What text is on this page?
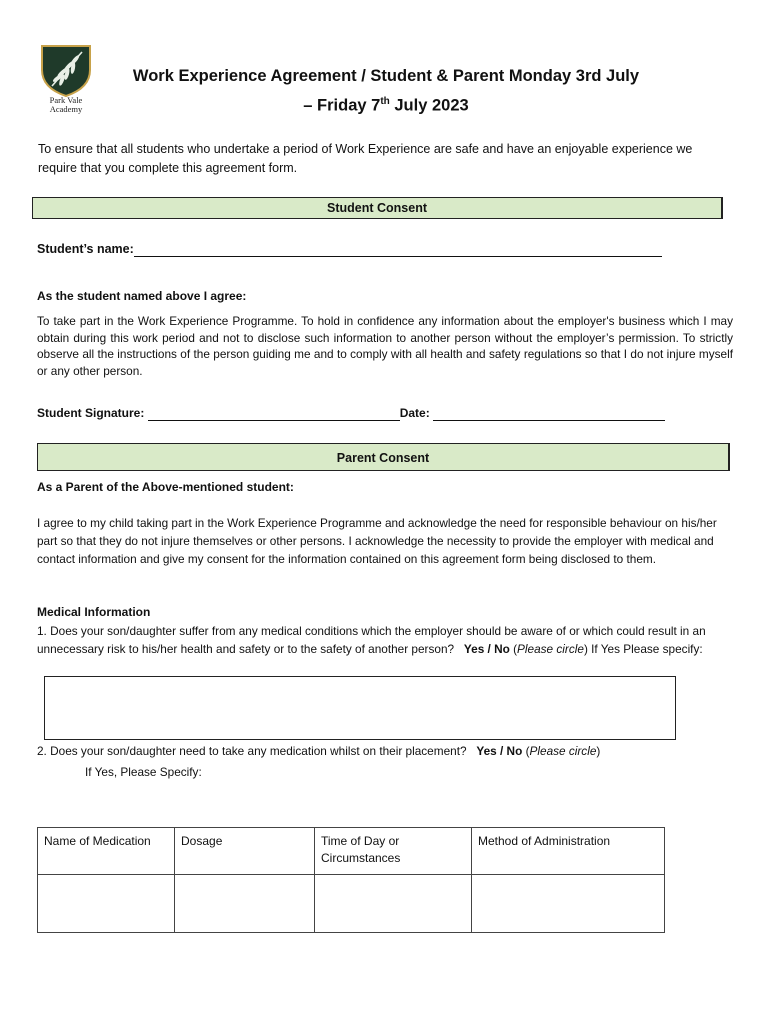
Park Vale
Academy
Work Experience Agreement / Student & Parent Monday 3rd July
– Friday 7th July 2023
To ensure that all students who undertake a period of Work Experience are safe and have an enjoyable experience we require that you complete this agreement form.
Student Consent
Student’s name:
As the student named above I agree:
To take part in the Work Experience Programme. To hold in confidence any information about the employer's business which I may obtain during this work period and not to disclose such information to another person without the employer’s permission. To strictly observe all the instructions of the person guiding me and to comply with all health and safety regulations so that I do not injure myself or any other person.
Student Signature:	Date:
Parent Consent
As a Parent of the Above-mentioned student:
I agree to my child taking part in the Work Experience Programme and acknowledge the need for responsible behaviour on his/her part so that they do not injure themselves or other persons. I acknowledge the necessity to provide the employer with medical and contact information and give my consent for the information contained on this agreement form being disclosed to them.
Medical Information
1. Does your son/daughter suffer from any medical conditions which the employer should be aware of or which could result in an unnecessary risk to his/her health and safety or to the safety of another person? Yes / No (Please circle) If Yes Please specify:
2. Does your son/daughter need to take any medication whilst on their placement? Yes / No (Please circle)
If Yes, Please Specify:
Name of Medication	Dosage	Time of Day or Circumstances	Method of Administration
